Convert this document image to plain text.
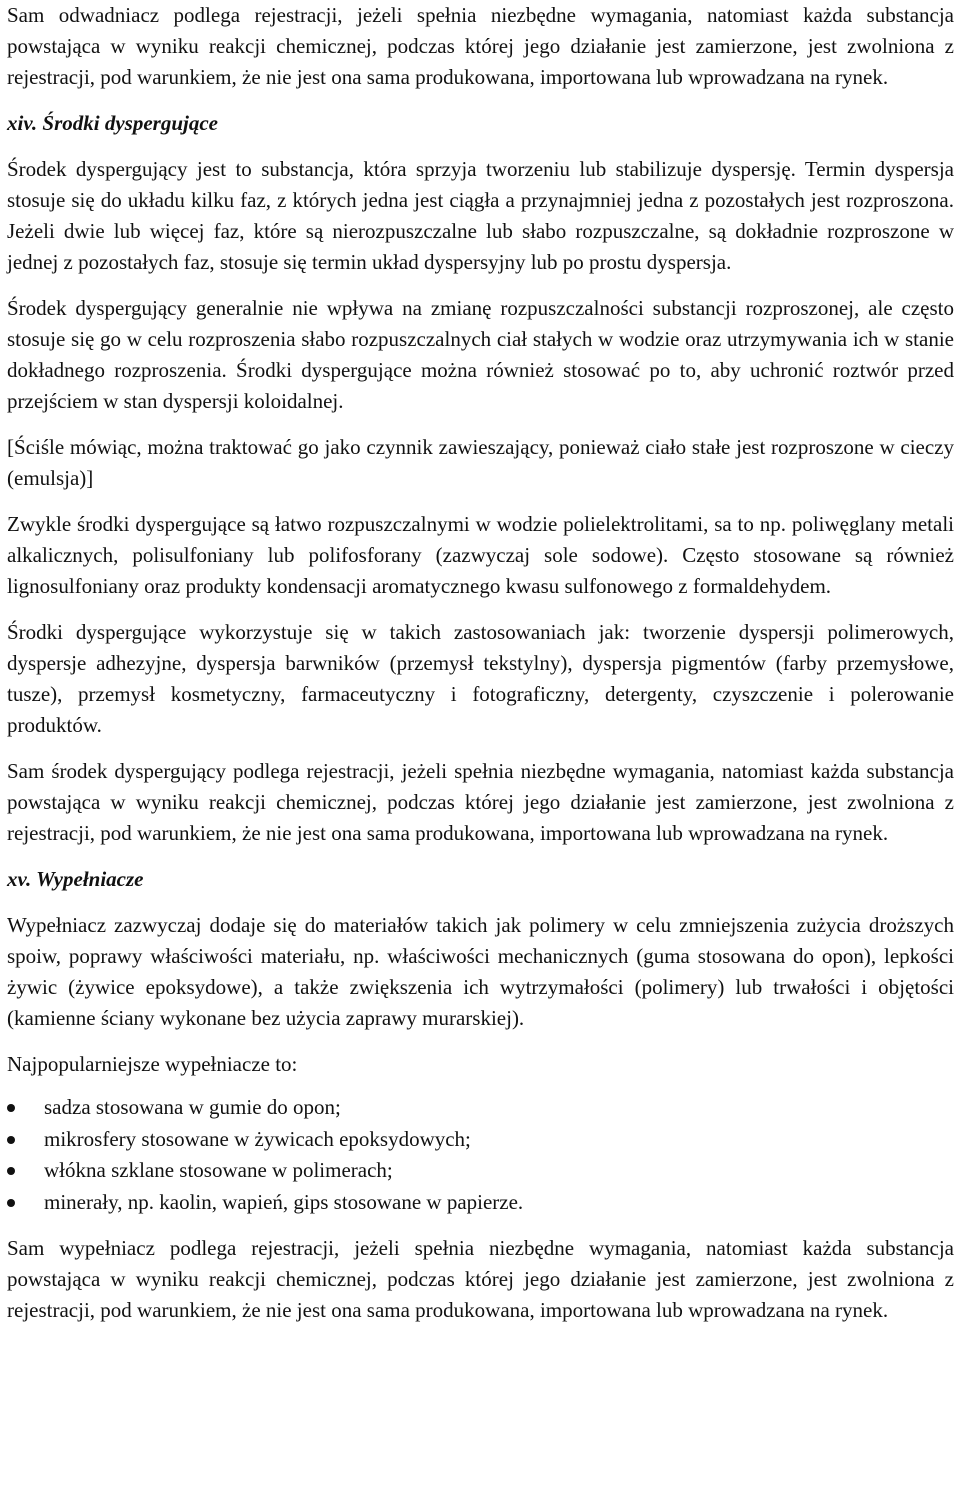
Sam odwadniacz podlega rejestracji, jeżeli spełnia niezbędne wymagania, natomiast każda substancja powstająca w wyniku reakcji chemicznej, podczas której jego działanie jest zamierzone, jest zwolniona z rejestracji, pod warunkiem, że nie jest ona sama produkowana, importowana lub wprowadzana na rynek.

xiv. Środki dyspergujące

Środek dyspergujący jest to substancja, która sprzyja tworzeniu lub stabilizuje dyspersję. Termin dyspersja stosuje się do układu kilku faz, z których jedna jest ciągła a przynajmniej jedna z pozostałych jest rozproszona. Jeżeli dwie lub więcej faz, które są nierozpuszczalne lub słabo rozpuszczalne, są dokładnie rozproszone w jednej z pozostałych faz, stosuje się termin układ dyspersyjny lub po prostu dyspersja.

Środek dyspergujący generalnie nie wpływa na zmianę rozpuszczalności substancji rozproszonej, ale często stosuje się go w celu rozproszenia słabo rozpuszczalnych ciał stałych w wodzie oraz utrzymywania ich w stanie dokładnego rozproszenia. Środki dyspergujące można również stosować po to, aby uchronić roztwór przed przejściem w stan dyspersji koloidalnej.

[Ściśle mówiąc, można traktować go jako czynnik zawieszający, ponieważ ciało stałe jest rozproszone w cieczy (emulsja)]

Zwykle środki dyspergujące są łatwo rozpuszczalnymi w wodzie polielektrolitami, sa to np. poliwęglany metali alkalicznych, polisulfoniany lub polifosforany (zazwyczaj sole sodowe). Często stosowane są również lignosulfoniany oraz produkty kondensacji aromatycznego kwasu sulfonowego z formaldehydem.

Środki dyspergujące wykorzystuje się w takich zastosowaniach jak: tworzenie dyspersji polimerowych, dyspersje adhezyjne, dyspersja barwników (przemysł tekstylny), dyspersja pigmentów (farby przemysłowe, tusze), przemysł kosmetyczny, farmaceutyczny i fotograficzny, detergenty, czyszczenie i polerowanie produktów.

Sam środek dyspergujący podlega rejestracji, jeżeli spełnia niezbędne wymagania, natomiast każda substancja powstająca w wyniku reakcji chemicznej, podczas której jego działanie jest zamierzone, jest zwolniona z rejestracji, pod warunkiem, że nie jest ona sama produkowana, importowana lub wprowadzana na rynek.

xv. Wypełniacze

Wypełniacz zazwyczaj dodaje się do materiałów takich jak polimery w celu zmniejszenia zużycia droższych spoiw, poprawy właściwości materiału, np. właściwości mechanicznych (guma stosowana do opon), lepkości żywic (żywice epoksydowe), a także zwiększenia ich wytrzymałości (polimery) lub trwałości i objętości (kamienne ściany wykonane bez użycia zaprawy murarskiej).

Najpopularniejsze wypełniacze to:

sadza stosowana w gumie do opon;
mikrosfery stosowane w żywicach epoksydowych;
włókna szklane stosowane w polimerach;
minerały, np. kaolin, wapień, gips stosowane w papierze.

Sam wypełniacz podlega rejestracji, jeżeli spełnia niezbędne wymagania, natomiast każda substancja powstająca w wyniku reakcji chemicznej, podczas której jego działanie jest zamierzone, jest zwolniona z rejestracji, pod warunkiem, że nie jest ona sama produkowana, importowana lub wprowadzana na rynek.
